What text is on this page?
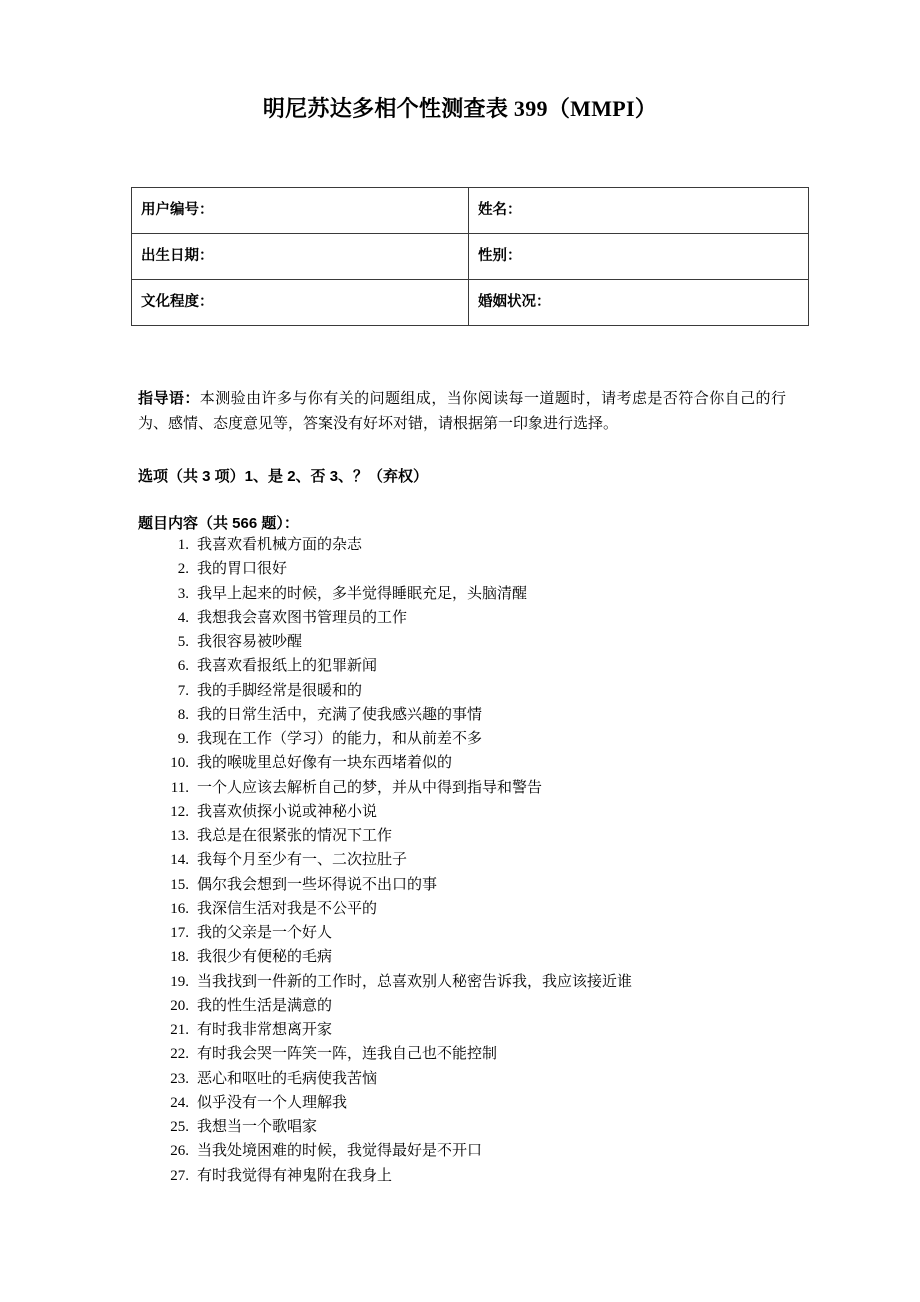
明尼苏达多相个性测查表 399（MMPI）
用户编号：	姓名：
出生日期：	性别：
文化程度：	婚姻状况：
指导语：本测验由许多与你有关的问题组成，当你阅读每一道题时，请考虑是否符合你自己的行为、感情、态度意见等，答案没有好坏对错，请根据第一印象进行选择。
选项（共 3 项）1、是 2、否 3、？（弃权）
题目内容（共 566 题）：
1. 我喜欢看机械方面的杂志
2. 我的胃口很好
3. 我早上起来的时候，多半觉得睡眠充足，头脑清醒
4. 我想我会喜欢图书管理员的工作
5. 我很容易被吵醒
6. 我喜欢看报纸上的犯罪新闻
7. 我的手脚经常是很暖和的
8. 我的日常生活中，充满了使我感兴趣的事情
9. 我现在工作（学习）的能力，和从前差不多
10. 我的喉咙里总好像有一块东西堵着似的
11. 一个人应该去解析自己的梦，并从中得到指导和警告
12. 我喜欢侦探小说或神秘小说
13. 我总是在很紧张的情况下工作
14. 我每个月至少有一、二次拉肚子
15. 偶尔我会想到一些坏得说不出口的事
16. 我深信生活对我是不公平的
17. 我的父亲是一个好人
18. 我很少有便秘的毛病
19. 当我找到一件新的工作时，总喜欢别人秘密告诉我，我应该接近谁
20. 我的性生活是满意的
21. 有时我非常想离开家
22. 有时我会哭一阵笑一阵，连我自己也不能控制
23. 恶心和呕吐的毛病使我苦恼
24. 似乎没有一个人理解我
25. 我想当一个歌唱家
26. 当我处境困难的时候，我觉得最好是不开口
27. 有时我觉得有神鬼附在我身上
